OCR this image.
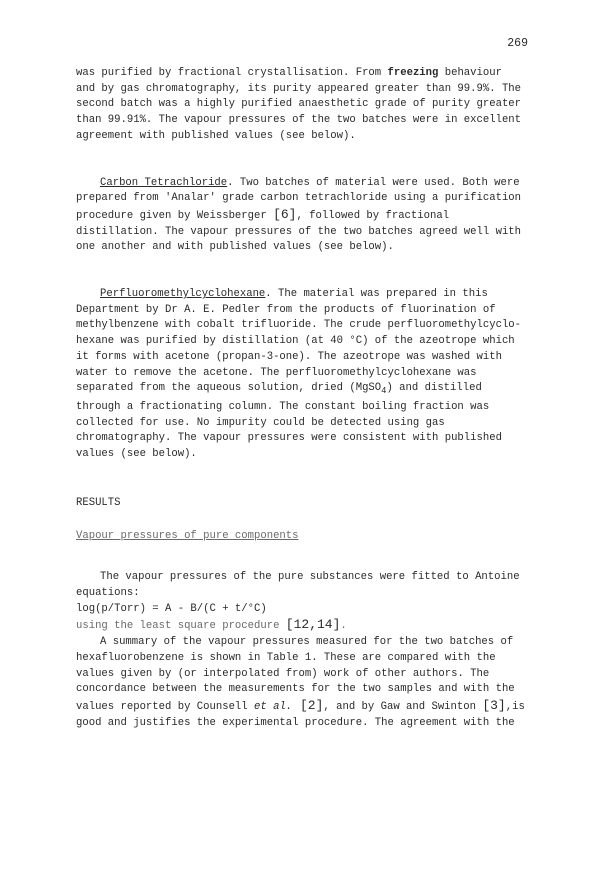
269

was purified by fractional crystallisation. From freezing behaviour and by gas chromatography, its purity appeared greater than 99.9%. The second batch was a highly purified anaesthetic grade of purity greater than 99.91%. The vapour pressures of the two batches were in excellent agreement with published values (see below).

Carbon Tetrachloride. Two batches of material were used. Both were prepared from 'Analar' grade carbon tetrachloride using a purification procedure given by Weissberger [6], followed by fractional distillation. The vapour pressures of the two batches agreed well with one another and with published values (see below).

Perfluoromethylcyclohexane. The material was prepared in this Department by Dr A. E. Pedler from the products of fluorination of methylbenzene with cobalt trifluoride. The crude perfluoromethylcyclo-hexane was purified by distillation (at 40 °C) of the azeotrope which it forms with acetone (propan-3-one). The azeotrope was washed with water to remove the acetone. The perfluoromethylcyclohexane was separated from the aqueous solution, dried (MgSO$_4$) and distilled through a fractionating column. The constant boiling fraction was collected for use. No impurity could be detected using gas chromatography. The vapour pressures were consistent with published values (see below).

RESULTS

Vapour pressures of pure components

The vapour pressures of the pure substances were fitted to Antoine equations:

log(p/Torr) = A - B/(C + t/°C)

using the least square procedure [12,14].

A summary of the vapour pressures measured for the two batches of hexafluorobenzene is shown in Table 1. These are compared with the values given by (or interpolated from) work of other authors. The concordance between the measurements for the two samples and with the values reported by Counsell et al. [2], and by Gaw and Swinton [3],is good and justifies the experimental procedure. The agreement with the
